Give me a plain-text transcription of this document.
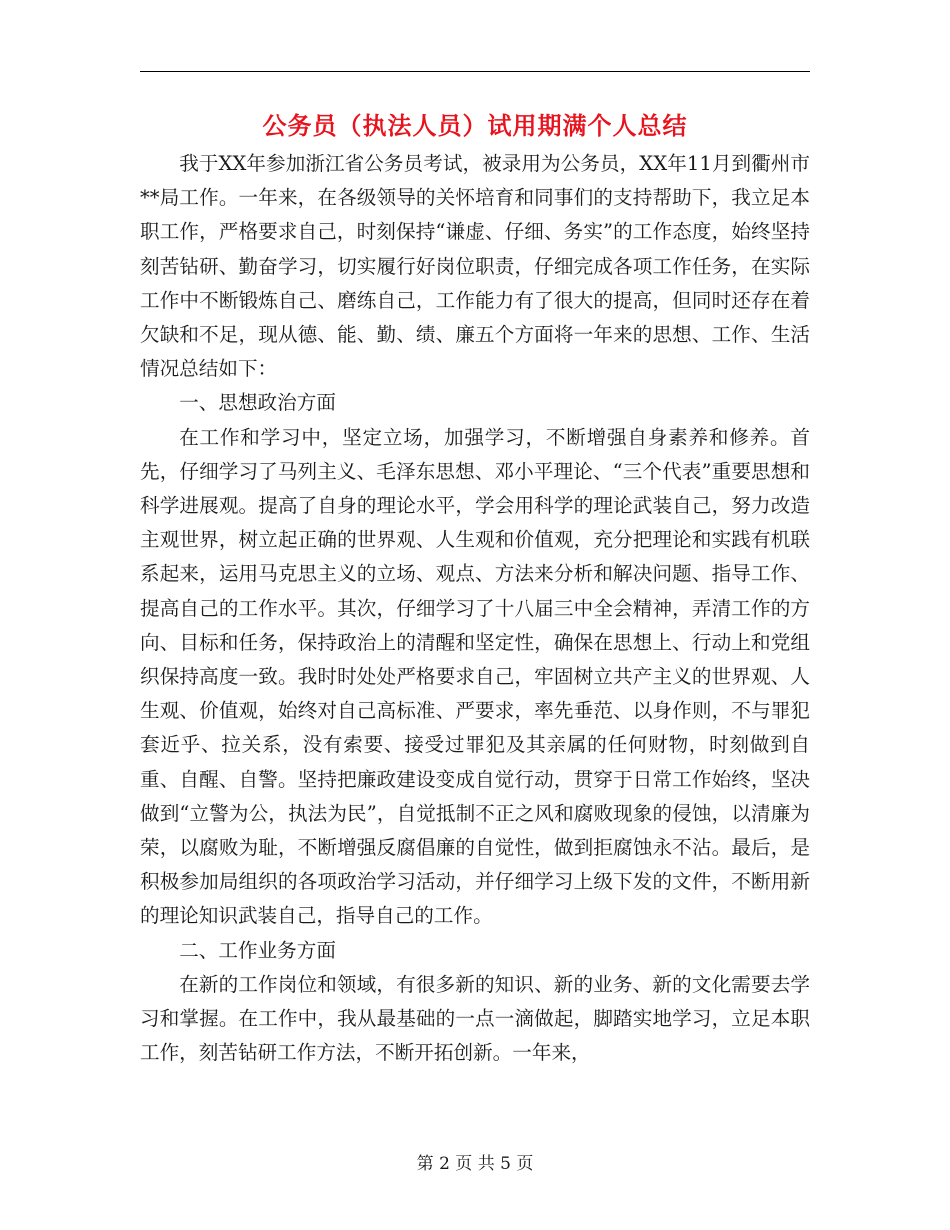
公务员（执法人员）试用期满个人总结

我于XX年参加浙江省公务员考试，被录用为公务员，XX年11月到衢州市**局工作。一年来，在各级领导的关怀培育和同事们的支持帮助下，我立足本职工作，严格要求自己，时刻保持“谦虚、仔细、务实”的工作态度，始终坚持刻苦钻研、勤奋学习，切实履行好岗位职责，仔细完成各项工作任务，在实际工作中不断锻炼自己、磨练自己，工作能力有了很大的提高，但同时还存在着欠缺和不足，现从德、能、勤、绩、廉五个方面将一年来的思想、工作、生活情况总结如下：

一、思想政治方面

在工作和学习中，坚定立场，加强学习，不断增强自身素养和修养。首先，仔细学习了马列主义、毛泽东思想、邓小平理论、“三个代表”重要思想和科学进展观。提高了自身的理论水平，学会用科学的理论武装自己，努力改造主观世界，树立起正确的世界观、人生观和价值观，充分把理论和实践有机联系起来，运用马克思主义的立场、观点、方法来分析和解决问题、指导工作、提高自己的工作水平。其次，仔细学习了十八届三中全会精神，弄清工作的方向、目标和任务，保持政治上的清醒和坚定性，确保在思想上、行动上和党组织保持高度一致。我时时处处严格要求自己，牢固树立共产主义的世界观、人生观、价值观，始终对自己高标准、严要求，率先垂范、以身作则，不与罪犯套近乎、拉关系，没有索要、接受过罪犯及其亲属的任何财物，时刻做到自重、自醒、自警。坚持把廉政建设变成自觉行动，贯穿于日常工作始终，坚决做到“立警为公，执法为民”，自觉抵制不正之风和腐败现象的侵蚀，以清廉为荣，以腐败为耻，不断增强反腐倡廉的自觉性，做到拒腐蚀永不沾。最后，是积极参加局组织的各项政治学习活动，并仔细学习上级下发的文件，不断用新的理论知识武装自己，指导自己的工作。

二、工作业务方面

在新的工作岗位和领域，有很多新的知识、新的业务、新的文化需要去学习和掌握。在工作中，我从最基础的一点一滴做起，脚踏实地学习，立足本职工作，刻苦钻研工作方法，不断开拓创新。一年来，

第 2 页 共 5 页
